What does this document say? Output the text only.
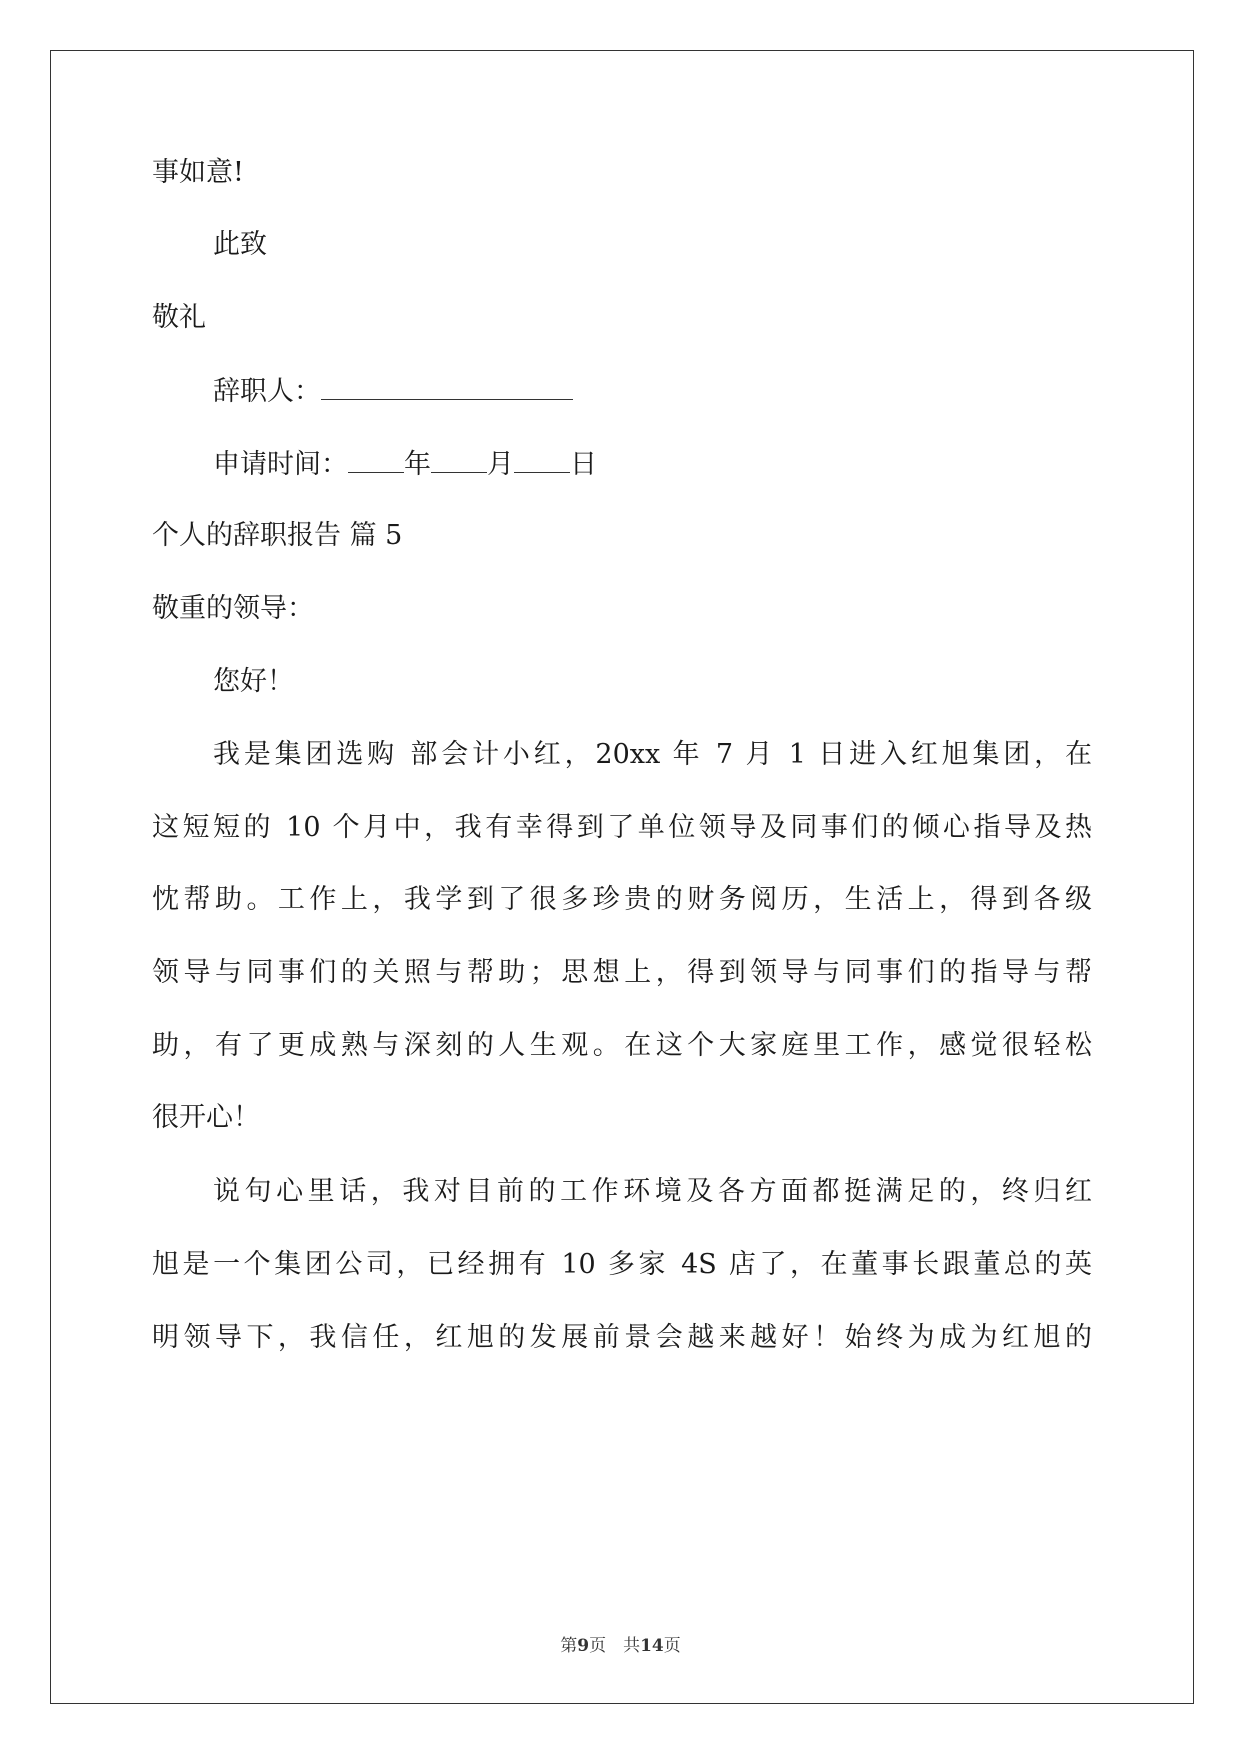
事如意!
此致
敬礼
辞职人：
申请时间： 年 月 日
个人的辞职报告 篇 5
敬重的领导：
您好！
我是集团选购 部会计小红，20xx 年 7 月 1 日进入红旭集团，在
这短短的 10 个月中，我有幸得到了单位领导及同事们的倾心指导及热
忱帮助。工作上，我学到了很多珍贵的财务阅历，生活上，得到各级
领导与同事们的关照与帮助；思想上，得到领导与同事们的指导与帮
助，有了更成熟与深刻的人生观。在这个大家庭里工作，感觉很轻松
很开心！
说句心里话，我对目前的工作环境及各方面都挺满足的，终归红
旭是一个集团公司，已经拥有 10 多家 4S 店了，在董事长跟董总的英
明领导下，我信任，红旭的发展前景会越来越好！始终为成为红旭的
第9页　共14页
